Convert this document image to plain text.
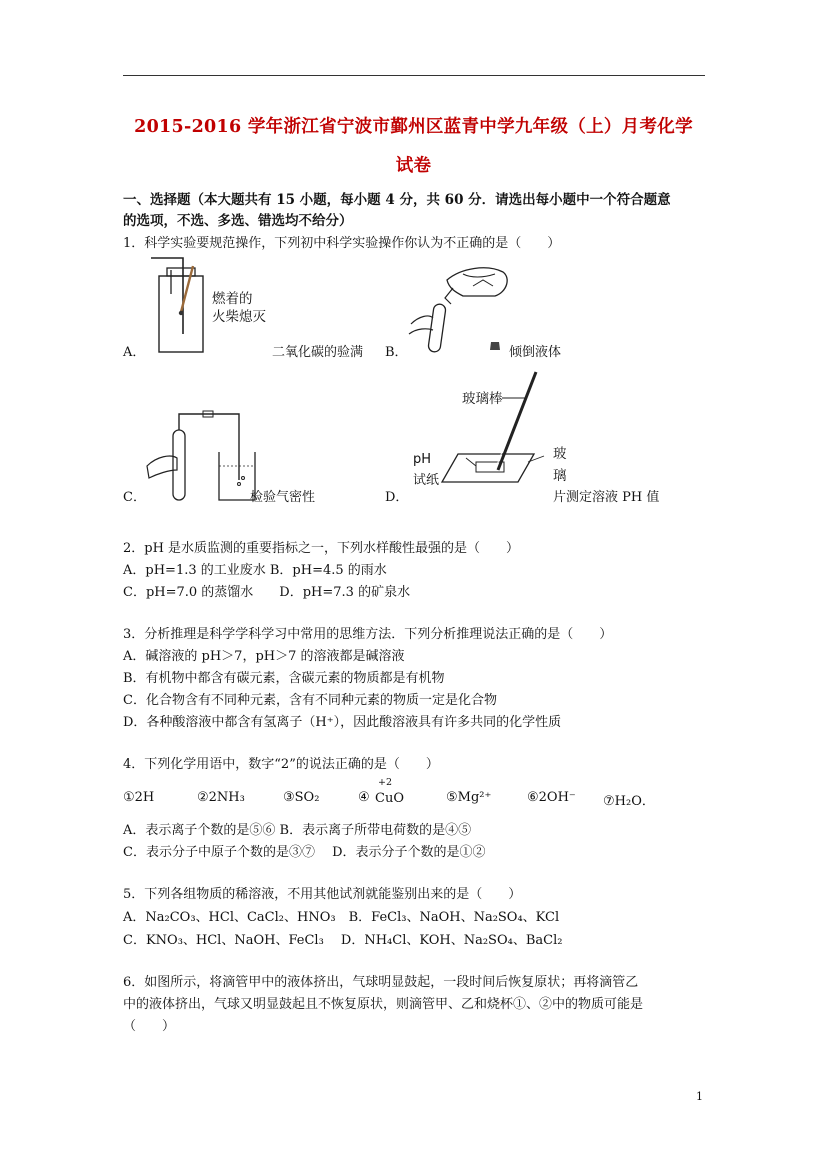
2015-2016 学年浙江省宁波市鄞州区蓝青中学九年级（上）月考化学
试卷
一、选择题（本大题共有 15 小题，每小题 4 分，共 60 分．请选出每小题中一个符合题意
的选项，不选、多选、错选均不给分）
1．科学实验要规范操作，下列初中科学实验操作你认为不正确的是（　　）
燃着的
火柴熄灭
A．	二氧化碳的验满 B．	倾倒液体
C．	检验气密性
玻璃棒
pH
试纸
玻
璃
D．	片测定溶液 PH 值
2．pH 是水质监测的重要指标之一，下列水样酸性最强的是（　　）
A．pH=1.3 的工业废水 B．pH=4.5 的雨水
C．pH=7.0 的蒸馏水　　D．pH=7.3 的矿泉水
3．分析推理是科学学科学习中常用的思维方法．下列分析推理说法正确的是（　　）
A．碱溶液的 pH＞7，pH＞7 的溶液都是碱溶液
B．有机物中都含有碳元素，含碳元素的物质都是有机物
C．化合物含有不同种元素，含有不同种元素的物质一定是化合物
D．各种酸溶液中都含有氢离子（H⁺），因此酸溶液具有许多共同的化学性质
4．下列化学用语中，数字“2”的说法正确的是（　　）
①2H	②2NH₃	③SO₂	④
+2
CuO	⑤Mg²⁺	⑥2OH⁻ ⑦H₂O．
A．表示离子个数的是⑤⑥ B．表示离子所带电荷数的是④⑤
C．表示分子中原子个数的是③⑦　 D．表示分子个数的是①②
5．下列各组物质的稀溶液，不用其他试剂就能鉴别出来的是（　　）
A．Na₂CO₃、HCl、CaCl₂、HNO₃　B．FeCl₃、NaOH、Na₂SO₄、KCl
C．KNO₃、HCl、NaOH、FeCl₃　 D．NH₄Cl、KOH、Na₂SO₄、BaCl₂
6．如图所示，将滴管甲中的液体挤出，气球明显鼓起，一段时间后恢复原状；再将滴管乙
中的液体挤出，气球又明显鼓起且不恢复原状，则滴管甲、乙和烧杯①、②中的物质可能是
（　　）
1
